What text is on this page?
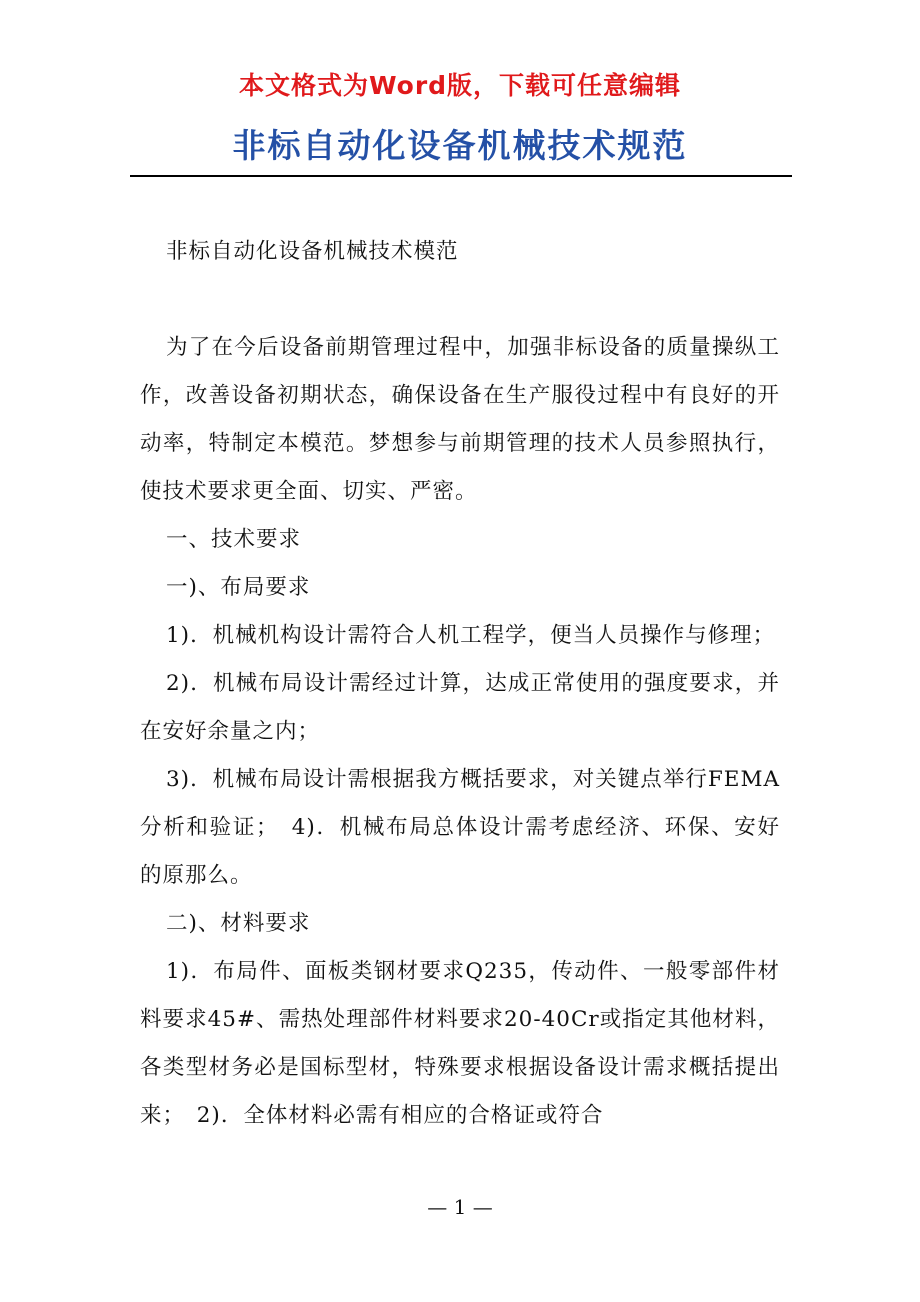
本文格式为Word版，下载可任意编辑
非标自动化设备机械技术规范

非标自动化设备机械技术模范

为了在今后设备前期管理过程中，加强非标设备的质量操纵工作，改善设备初期状态，确保设备在生产服役过程中有良好的开动率，特制定本模范。梦想参与前期管理的技术人员参照执行，使技术要求更全面、切实、严密。

一、技术要求

一)、布局要求

1)．机械机构设计需符合人机工程学，便当人员操作与修理；

2)．机械布局设计需经过计算，达成正常使用的强度要求，并在安好余量之内；

3)．机械布局设计需根据我方概括要求，对关键点举行FEMA分析和验证；　4)．机械布局总体设计需考虑经济、环保、安好的原那么。

二)、材料要求

1)．布局件、面板类钢材要求Q235，传动件、一般零部件材料要求45#、需热处理部件材料要求20-40Cr或指定其他材料，各类型材务必是国标型材，特殊要求根据设备设计需求概括提出来；　2)．全体材料必需有相应的合格证或符合

— 1 —
